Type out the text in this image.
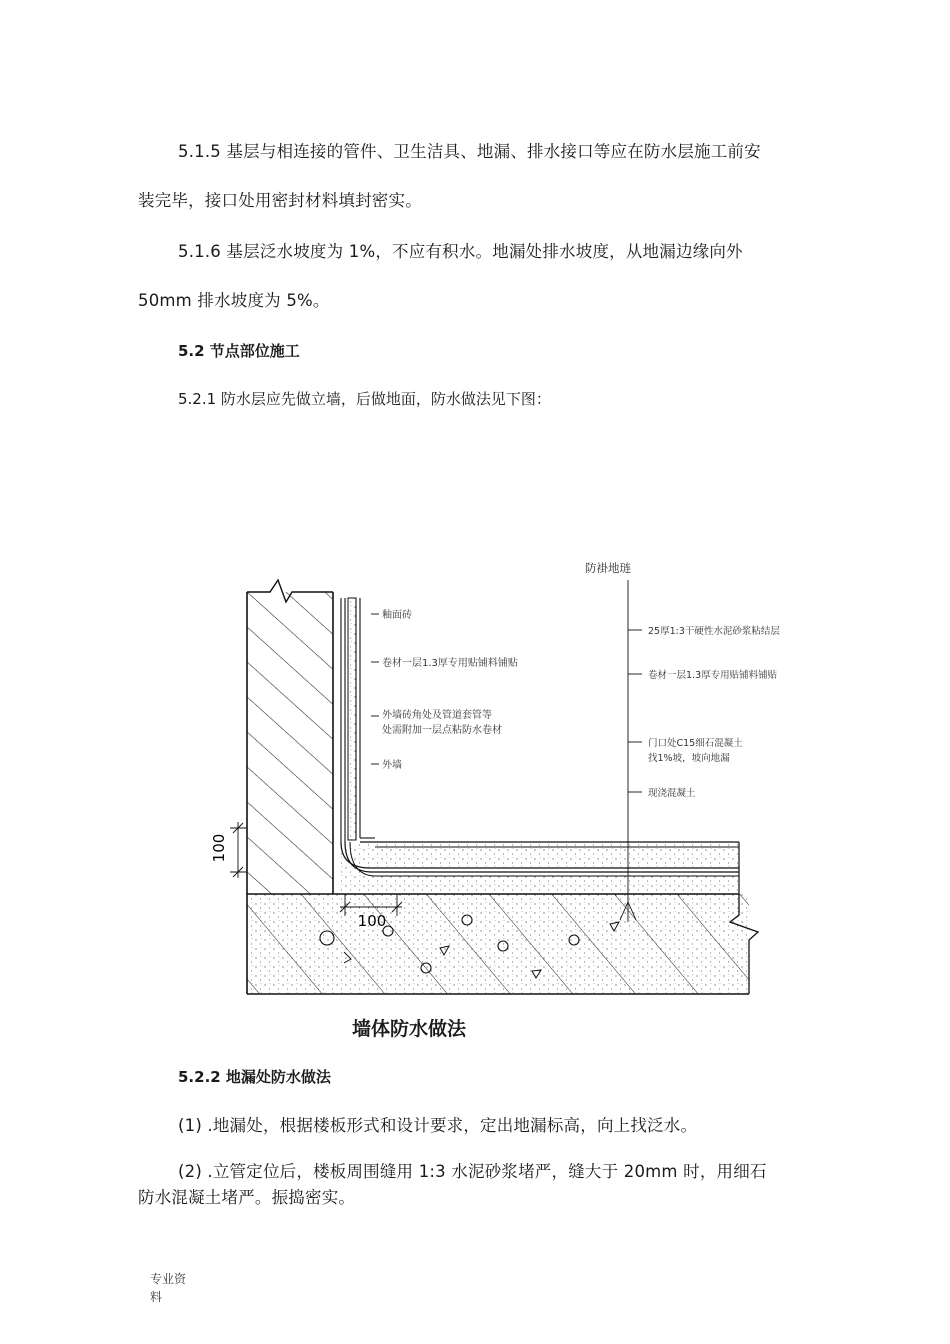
5.1.5 基层与相连接的管件、卫生洁具、地漏、排水接口等应在防水层施工前安
装完毕，接口处用密封材料填封密实。
5.1.6 基层泛水坡度为 1%，不应有积水。地漏处排水坡度，从地漏边缘向外
50mm 排水坡度为 5%。
5.2 节点部位施工
5.2.1 防水层应先做立墙，后做地面，防水做法见下图：
100
100
防褂地琏
釉面砖
卷材一层1.3厚专用贴铺料铺贴
外墙砖角处及管道套管等
处需附加一层点粘防水卷材
外墙
25厚1:3干硬性水泥砂浆粘结层
卷材一层1.3厚专用贴铺料铺贴
门口处C15细石混凝土
找1%坡，坡向地漏
现浇混凝土
墙体防水做法
5.2.2 地漏处防水做法
(1) .地漏处，根据楼板形式和设计要求，定出地漏标高，向上找泛水。
(2) .立管定位后，楼板周围缝用 1:3 水泥砂浆堵严，缝大于 20mm 时，用细石
防水混凝土堵严。振捣密实。
专业资
料
